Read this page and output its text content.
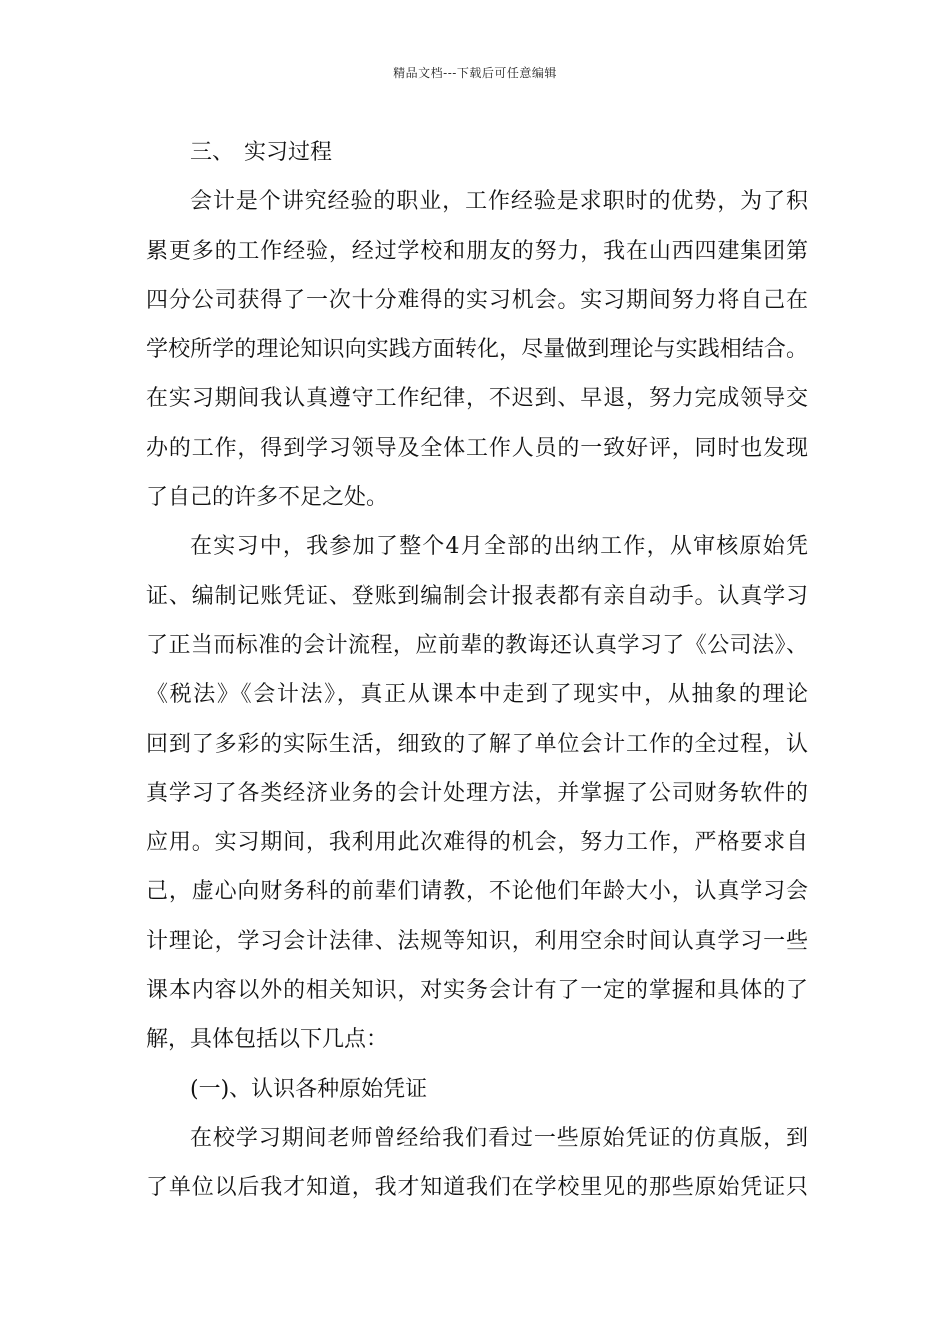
精品文档---下载后可任意编辑
三、 实习过程
会计是个讲究经验的职业，工作经验是求职时的优势，为了积
累更多的工作经验，经过学校和朋友的努力，我在山西四建集团第
四分公司获得了一次十分难得的实习机会。实习期间努力将自己在
学校所学的理论知识向实践方面转化，尽量做到理论与实践相结合。
在实习期间我认真遵守工作纪律，不迟到、早退，努力完成领导交
办的工作，得到学习领导及全体工作人员的一致好评，同时也发现
了自己的许多不足之处。
在实习中，我参加了整个4月全部的出纳工作，从审核原始凭
证、编制记账凭证、登账到编制会计报表都有亲自动手。认真学习
了正当而标准的会计流程，应前辈的教诲还认真学习了《公司法》、
《税法》《会计法》，真正从课本中走到了现实中，从抽象的理论
回到了多彩的实际生活，细致的了解了单位会计工作的全过程，认
真学习了各类经济业务的会计处理方法，并掌握了公司财务软件的
应用。实习期间，我利用此次难得的机会，努力工作，严格要求自
己，虚心向财务科的前辈们请教，不论他们年龄大小，认真学习会
计理论，学习会计法律、法规等知识，利用空余时间认真学习一些
课本内容以外的相关知识，对实务会计有了一定的掌握和具体的了
解，具体包括以下几点：
(一)、认识各种原始凭证
在校学习期间老师曾经给我们看过一些原始凭证的仿真版，到
了单位以后我才知道，我才知道我们在学校里见的那些原始凭证只
